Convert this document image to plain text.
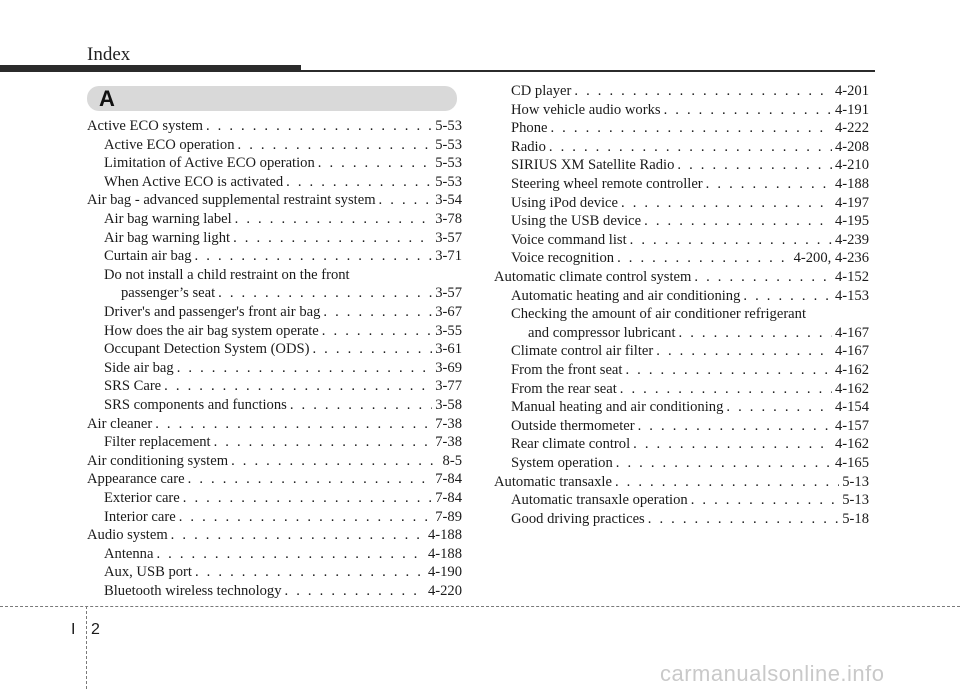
Index
A
Active ECO system . . .	5-53
Active ECO operation . . .	5-53
Limitation of Active ECO operation . . .	5-53
When Active ECO is activated . . .	5-53
Air bag - advanced supplemental restraint system . . .	3-54
Air bag warning label . . .	3-78
Air bag warning light . . .	3-57
Curtain air bag . . .	3-71
Do not install a child restraint on the front
passenger’s seat . . .	3-57
Driver's and passenger's front air bag . . .	3-67
How does the air bag system operate . . .	3-55
Occupant Detection System (ODS) . . .	3-61
Side air bag . . .	3-69
SRS Care . . .	3-77
SRS components and functions . . .	3-58
Air cleaner . . .	7-38
Filter replacement . . .	7-38
Air conditioning system . . .	8-5
Appearance care . . .	7-84
Exterior care . . .	7-84
Interior care . . .	7-89
Audio system . . .	4-188
Antenna . . .	4-188
Aux, USB port . . .	4-190
Bluetooth wireless technology . . .	4-220
CD player . . .	4-201
How vehicle audio works . . .	4-191
Phone . . .	4-222
Radio . . .	4-208
SIRIUS XM Satellite Radio . . .	4-210
Steering wheel remote controller . . .	4-188
Using iPod device . . .	4-197
Using the USB device . . .	4-195
Voice command list . . .	4-239
Voice recognition . . .	4-200, 4-236
Automatic climate control system . . .	4-152
Automatic heating and air conditioning . . .	4-153
Checking the amount of air conditioner refrigerant
and compressor lubricant . . .	4-167
Climate control air filter . . .	4-167
From the front seat . . .	4-162
From the rear seat . . .	4-162
Manual heating and air conditioning . . .	4-154
Outside thermometer . . .	4-157
Rear climate control . . .	4-162
System operation . . .	4-165
Automatic transaxle . . .	5-13
Automatic transaxle operation . . .	5-13
Good driving practices . . .	5-18
I 2
carmanualsonline.info
